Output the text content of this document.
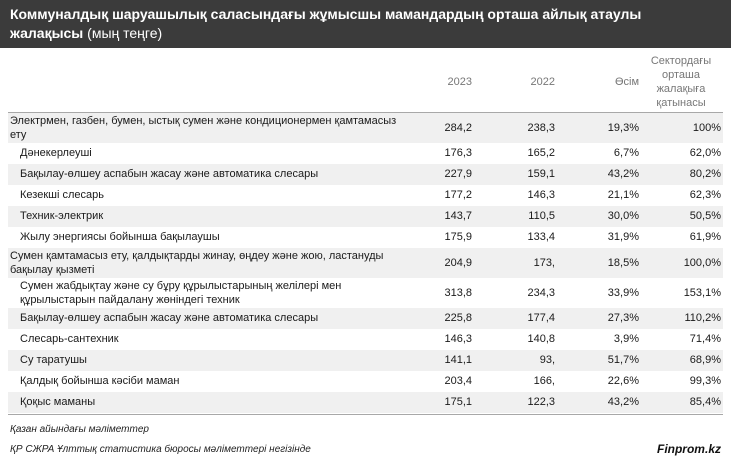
Коммуналдық шаруашылық саласындағы жұмысшы мамандардың орташа айлық атаулы жалақысы (мың теңге)
	2023	2022	Өсім	Сектордағы орташа жалақыға қатынасы
Электрмен, газбен, бумен, ыстық сумен және кондиционермен қамтамасыз ету	284,2	238,3	19,3%	100%
Дәнекерлеуші	176,3	165,2	6,7%	62,0%
Бақылау-өлшеу аспабын жасау және автоматика слесары	227,9	159,1	43,2%	80,2%
Кезекші слесарь	177,2	146,3	21,1%	62,3%
Техник-электрик	143,7	110,5	30,0%	50,5%
Жылу энергиясы бойынша бақылаушы	175,9	133,4	31,9%	61,9%
Сумен қамтамасыз ету, қалдықтарды жинау, өңдеу және жою, ластануды бақылау қызметі	204,9	173,	18,5%	100,0%
Сумен жабдықтау және су бұру құрылыстарының желілері мен құрылыстарын пайдалану жөніндегі техник	313,8	234,3	33,9%	153,1%
Бақылау-өлшеу аспабын жасау және автоматика слесары	225,8	177,4	27,3%	110,2%
Слесарь-сантехник	146,3	140,8	3,9%	71,4%
Су таратушы	141,1	93,	51,7%	68,9%
Қалдық бойынша кәсіби маман	203,4	166,	22,6%	99,3%
Қоқыс маманы	175,1	122,3	43,2%	85,4%
Қазан айындағы мәліметтер
ҚР СЖРА Ұлттық статистика бюросы мәліметтері негізінде	Finprom.kz
